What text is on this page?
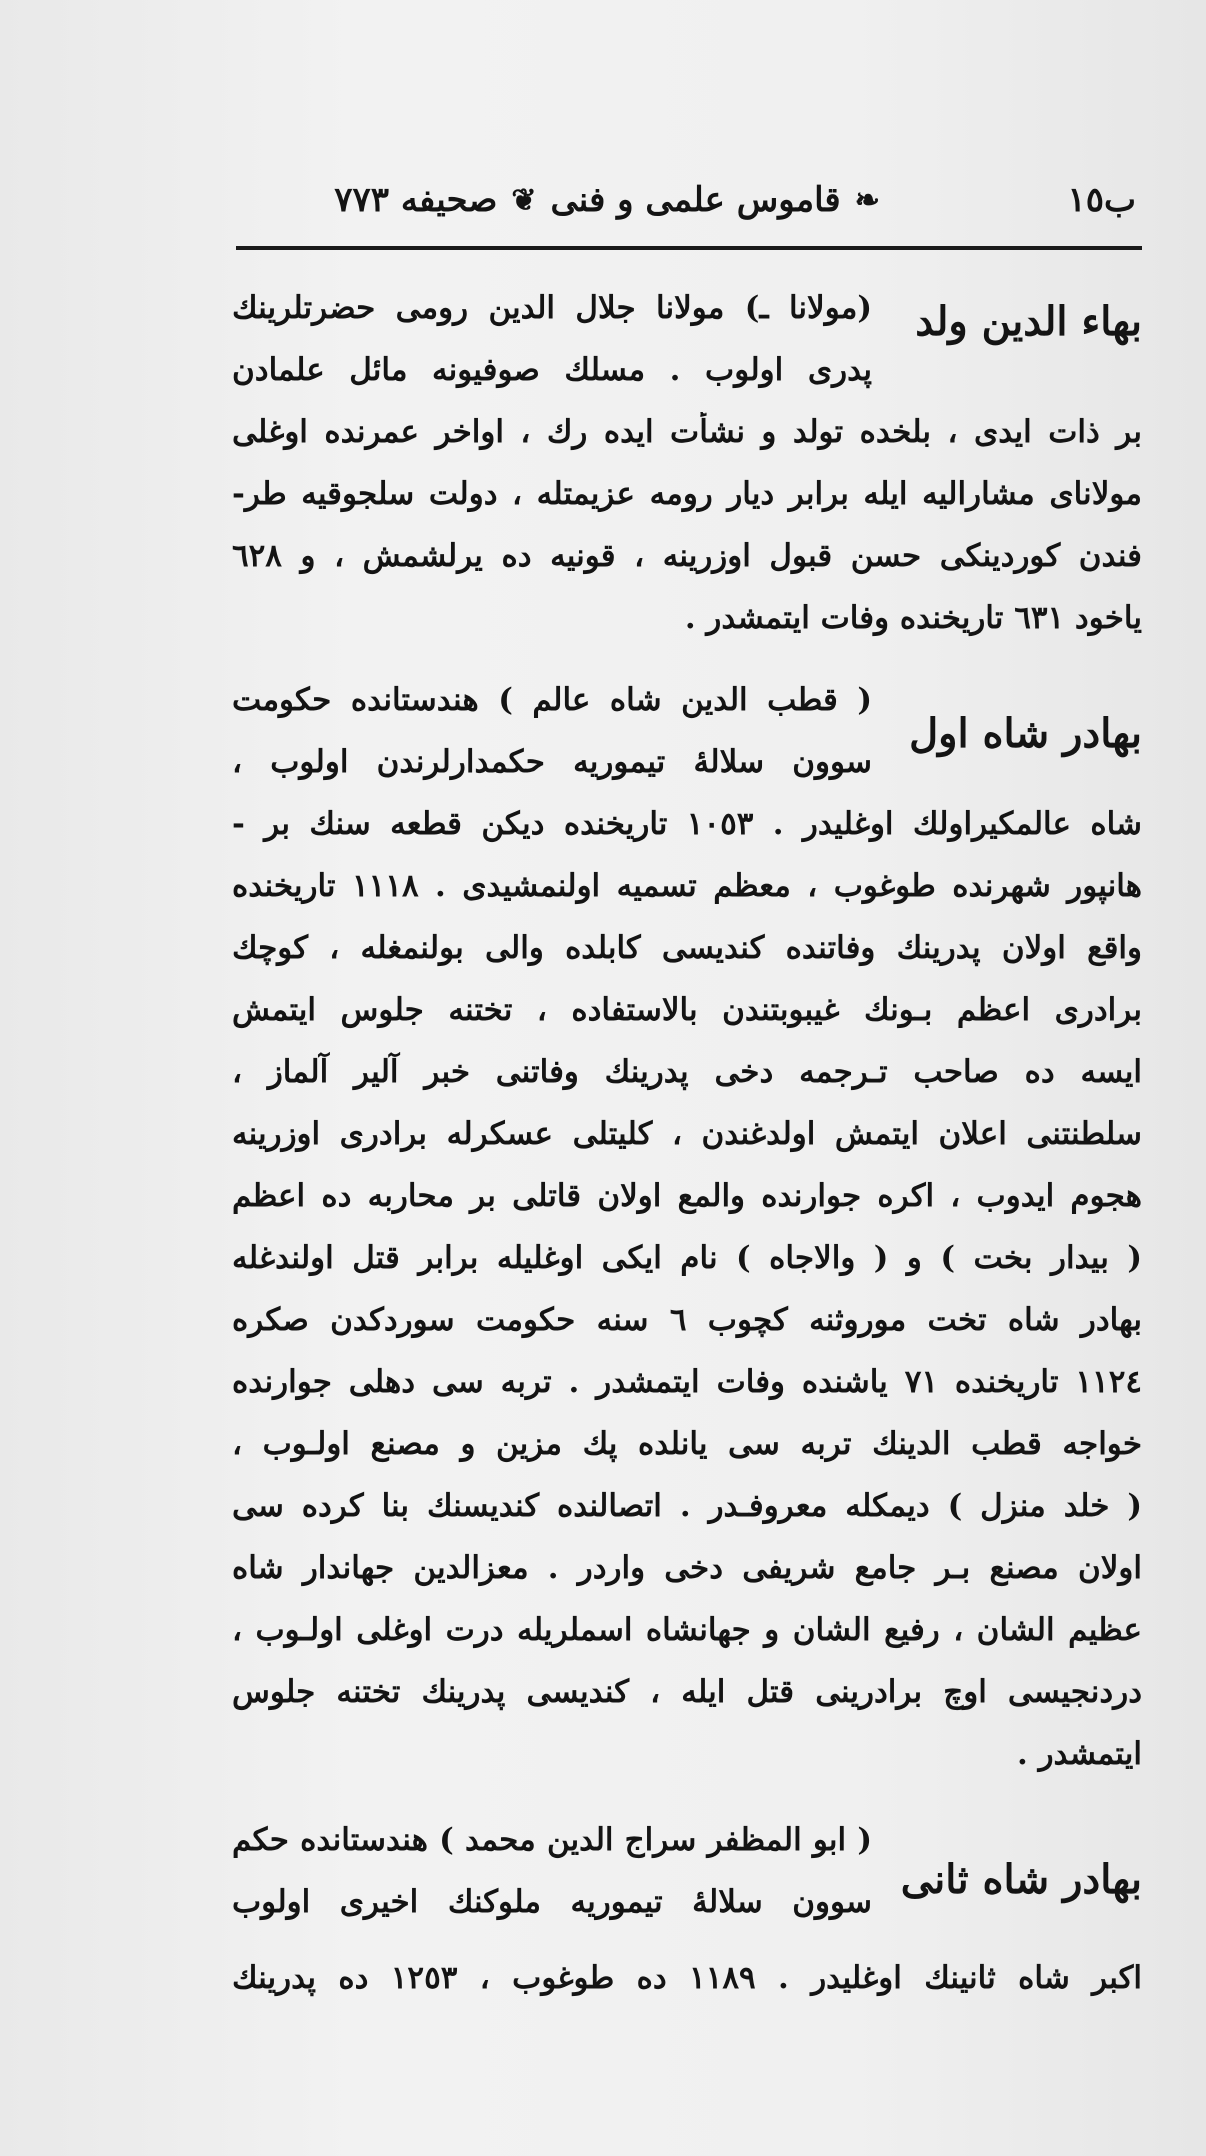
ب١٥
❧
قاموس علمی و فنی
❦
صحیفه ٧٧٣
بهاء الدين ولد
(مولانا ـ) مولانا جلال الدين رومی حضرتلرينك
پدری اولوب . مسلك صوفيونه مائل علمادن
بر ذات ايدی ، بلخده تولد و نشأت ايده رك ، اواخر عمرنده اوغلی
مولانای مشاراليه ايله برابر ديار رومه عزيمتله ، دولت سلجوقيه طر-
فندن كوردينكی حسن قبول اوزرينه ، قونيه ده يرلشمش ، و ٦٢٨
ياخود ٦٣١ تاريخنده وفات ايتمشدر .
بهادر شاه اول
( قطب الدين شاه عالم ) هندستانده حكومت
سوون سلالۀ تيموريه حكمدارلرندن اولوب ،
شاه عالمكيراولك اوغليدر . ١٠٥٣ تاريخنده ديكن قطعه سنك بر -
هانپور شهرنده طوغوب ، معظم تسميه اولنمشيدی . ١١١٨ تاريخنده
واقع اولان پدرينك وفاتنده كنديسی كابلده والی بولنمغله ، كوچك
برادری اعظم بـونك غيبوبتندن بالاستفاده ، تختنه جلوس ايتمش
ايسه ده صاحب تـرجمه دخی پدرينك وفاتنی خبر آلير آلماز ،
سلطنتنی اعلان ايتمش اولدغندن ، كليتلی عسكرله برادری اوزرينه
هجوم ايدوب ، اكره جوارنده والمع اولان قاتلی بر محاربه ده اعظم
( بيدار بخت ) و ( والاجاه ) نام ايكی اوغليله برابر قتل اولندغله
بهادر شاه تخت موروثنه كچوب ٦ سنه حكومت سوردكدن صكره
١١٢٤ تاريخنده ٧١ ياشنده وفات ايتمشدر . تربه سی دهلی جوارنده
خواجه قطب الدينك تربه سی يانلده پك مزين و مصنع اولـوب ،
( خلد منزل ) ديمكله معروفـدر . اتصالنده كنديسنك بنا كرده سی
اولان مصنع بـر جامع شريفی دخی واردر . معزالدين جهاندار شاه
عظيم الشان ، رفيع الشان و جهانشاه اسملريله درت اوغلی اولـوب ،
دردنجيسی اوچ برادرينی قتل ايله ، كنديسی پدرينك تختنه جلوس
ايتمشدر .
بهادر شاه ثانی
( ابو المظفر سراج الدين محمد ) هندستانده حكم
سوون سلالۀ تيموريه ملوكنك اخيری اولوب
اكبر شاه ثانينك اوغليدر . ١١٨٩ ده طوغوب ، ١٢٥٣ ده پدرينك
